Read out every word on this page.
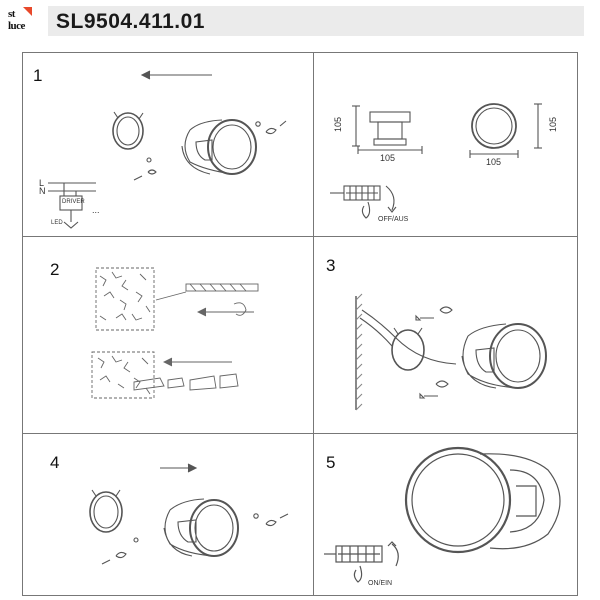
st
luce SL9504.411.01
1
L
N
DRIVER
LED
...
105
105
105
105
OFF/AUS
2	3
4	5
ON/EIN
